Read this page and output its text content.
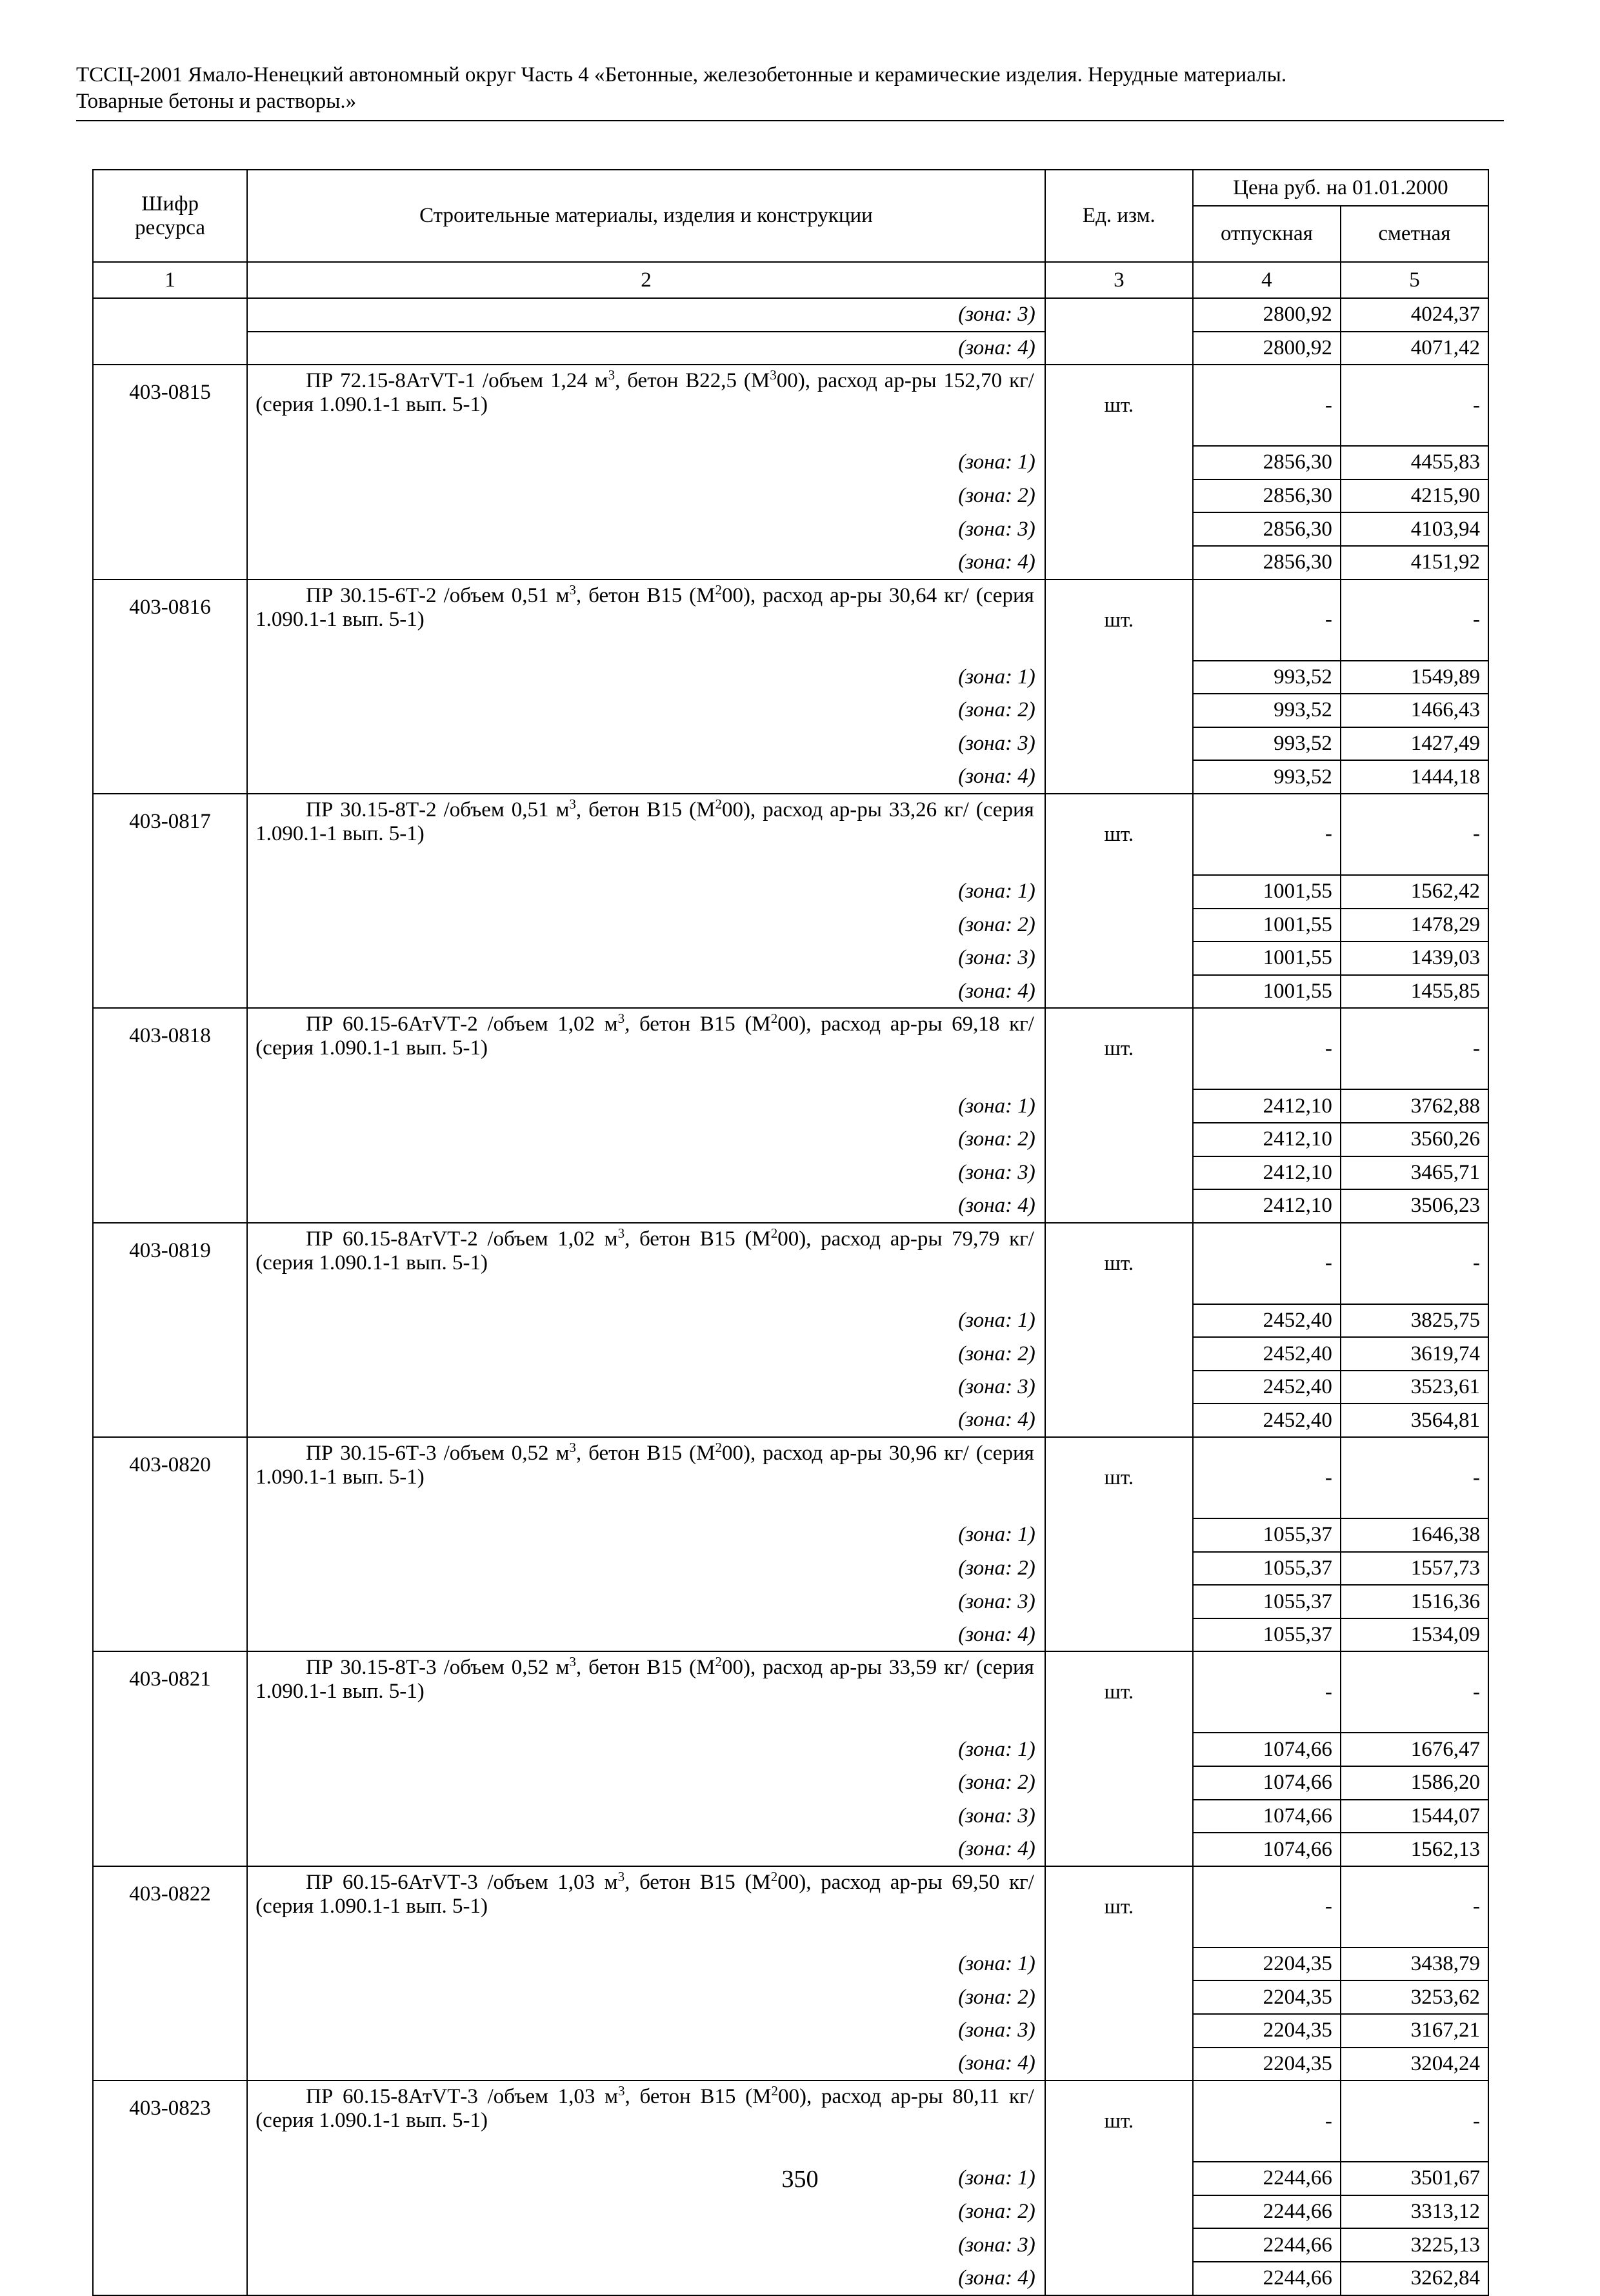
ТССЦ-2001 Ямало-Ненецкий автономный округ Часть 4 «Бетонные, железобетонные и керамические изделия. Нерудные материалы.
Товарные бетоны и растворы.»
Шифр ресурса	Строительные материалы, изделия и конструкции	Ед. изм.	Цена руб. на 01.01.2000	
			отпускная	сметная
1	2	3	4	5
	(зона: 3)		2800,92	4024,37
	(зона: 4)		2800,92	4071,42
403-0815	ПР 72.15-8АтVТ-1 /объем 1,24 $м^3$, бетон В22,5 $(М^300)$, расход ар-ры 152,70 кг/ (серия 1.090.1-1 вып. 5-1)	шт.	-	-
	(зона: 1)		2856,30	4455,83
	(зона: 2)		2856,30	4215,90
	(зона: 3)		2856,30	4103,94
	(зона: 4)		2856,30	4151,92
403-0816	ПР 30.15-6Т-2 /объем 0,51 $м^3$, бетон В15 $(М^200)$, расход ар-ры 30,64 кг/ (серия 1.090.1-1 вып. 5-1)	шт.	-	-
	(зона: 1)		993,52	1549,89
	(зона: 2)		993,52	1466,43
	(зона: 3)		993,52	1427,49
	(зона: 4)		993,52	1444,18
403-0817	ПР 30.15-8Т-2 /объем 0,51 $м^3$, бетон В15 $(М^200)$, расход ар-ры 33,26 кг/ (серия 1.090.1-1 вып. 5-1)	шт.	-	-
	(зона: 1)		1001,55	1562,42
	(зона: 2)		1001,55	1478,29
	(зона: 3)		1001,55	1439,03
	(зона: 4)		1001,55	1455,85
403-0818	ПР 60.15-6АтVТ-2 /объем 1,02 $м^3$, бетон В15 $(М^200)$, расход ар-ры 69,18 кг/ (серия 1.090.1-1 вып. 5-1)	шт.	-	-
	(зона: 1)		2412,10	3762,88
	(зона: 2)		2412,10	3560,26
	(зона: 3)		2412,10	3465,71
	(зона: 4)		2412,10	3506,23
403-0819	ПР 60.15-8АтVТ-2 /объем 1,02 $м^3$, бетон В15 $(М^200)$, расход ар-ры 79,79 кг/ (серия 1.090.1-1 вып. 5-1)	шт.	-	-
	(зона: 1)		2452,40	3825,75
	(зона: 2)		2452,40	3619,74
	(зона: 3)		2452,40	3523,61
	(зона: 4)		2452,40	3564,81
403-0820	ПР 30.15-6Т-3 /объем 0,52 $м^3$, бетон В15 $(М^200)$, расход ар-ры 30,96 кг/ (серия 1.090.1-1 вып. 5-1)	шт.	-	-
	(зона: 1)		1055,37	1646,38
	(зона: 2)		1055,37	1557,73
	(зона: 3)		1055,37	1516,36
	(зона: 4)		1055,37	1534,09
403-0821	ПР 30.15-8Т-3 /объем 0,52 $м^3$, бетон В15 $(М^200)$, расход ар-ры 33,59 кг/ (серия 1.090.1-1 вып. 5-1)	шт.	-	-
	(зона: 1)		1074,66	1676,47
	(зона: 2)		1074,66	1586,20
	(зона: 3)		1074,66	1544,07
	(зона: 4)		1074,66	1562,13
403-0822	ПР 60.15-6АтVТ-3 /объем 1,03 $м^3$, бетон В15 $(М^200)$, расход ар-ры 69,50 кг/ (серия 1.090.1-1 вып. 5-1)	шт.	-	-
	(зона: 1)		2204,35	3438,79
	(зона: 2)		2204,35	3253,62
	(зона: 3)		2204,35	3167,21
	(зона: 4)		2204,35	3204,24
403-0823	ПР 60.15-8АтVТ-3 /объем 1,03 $м^3$, бетон В15 $(М^200)$, расход ар-ры 80,11 кг/ (серия 1.090.1-1 вып. 5-1)	шт.	-	-
	(зона: 1)		2244,66	3501,67
	(зона: 2)		2244,66	3313,12
	(зона: 3)		2244,66	3225,13
	(зона: 4)		2244,66	3262,84
350
